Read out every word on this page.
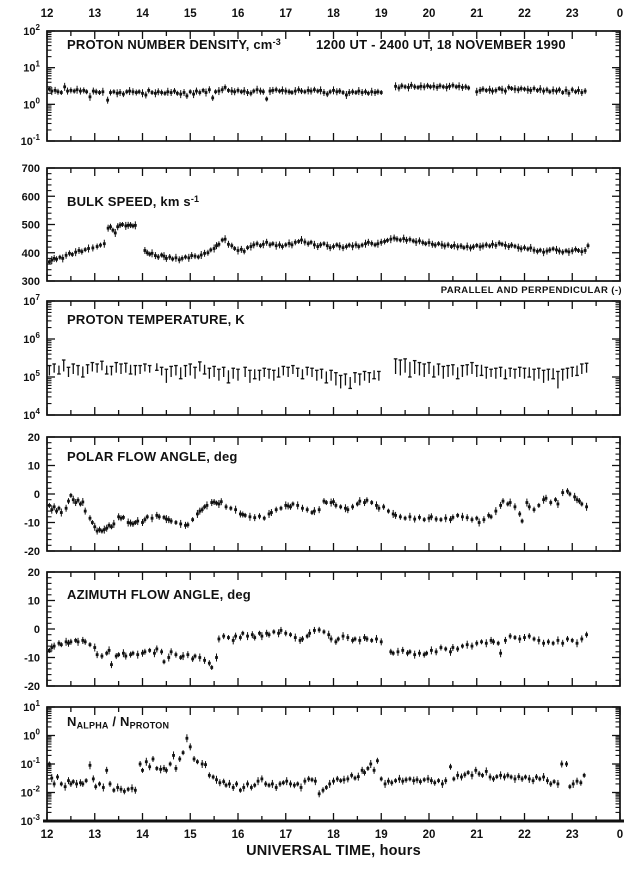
12	13	14	15	16	17	18	19	20	21	22	23	0
12	13	14	15	16	17	18	19	20	21	22	23	0
$10^2$
$10^1$
$10^0$
$10^{-1}$
700
600
500
400
300
$10^7$
$10^6$
$10^5$
$10^4$
20
10
0
-10
-20
20
10
0
-10
-20
$10^1$
$10^0$
$10^{-1}$
$10^{-2}$
$10^{-3}$
PROTON NUMBER DENSITY, $cm^{-3}$	1200 UT - 2400 UT, 18 NOVEMBER 1990
BULK SPEED, km $s^{-1}$
PARALLEL AND PERPENDICULAR (-)
PROTON TEMPERATURE, K
POLAR FLOW ANGLE, deg
AZIMUTH FLOW ANGLE, deg
$N_{ALPHA} / N_{PROTON}$
UNIVERSAL TIME, hours
